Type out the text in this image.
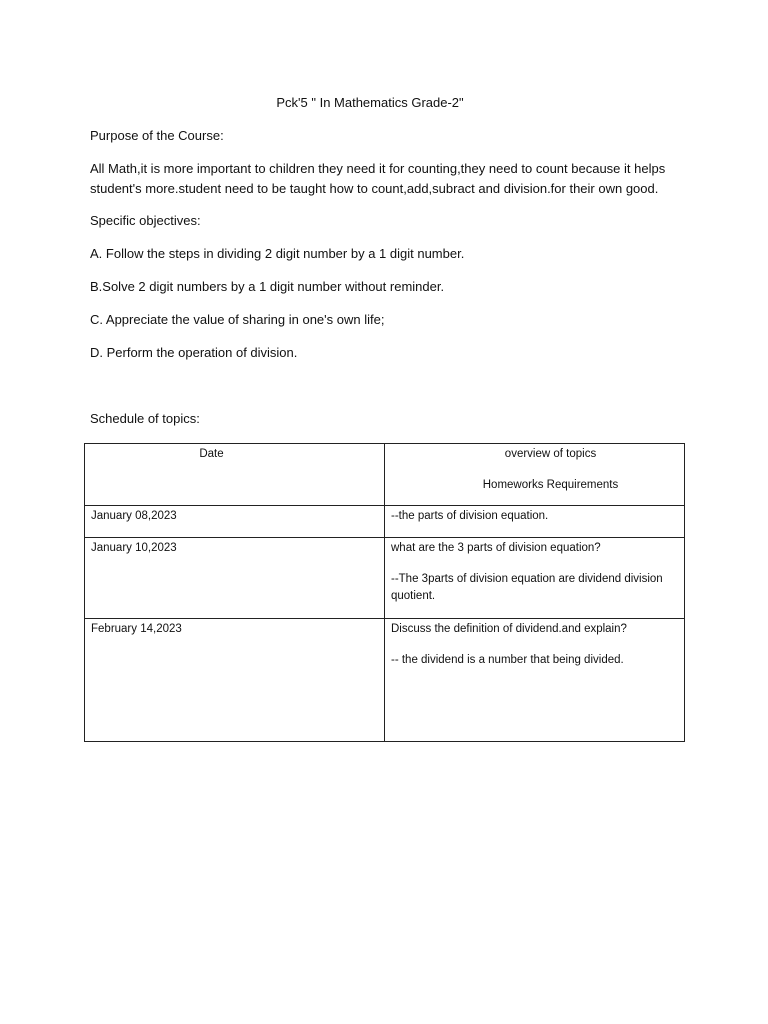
Pck'5 " In Mathematics Grade-2"

Purpose of the Course:

All Math,it is more important to children they need it for counting,they need to count because it helps student's more.student need to be taught how to count,add,subract and division.for their own good.

Specific objectives:

A. Follow the steps in dividing 2 digit number by a 1 digit number.

B.Solve 2 digit numbers by a 1 digit number without reminder.

C. Appreciate the value of sharing in one's own life;

D. Perform the operation of division.

Schedule of topics:

Date	overview of topics
Homeworks Requirements

January 08,2023	--the parts of division equation.

January 10,2023	what are the 3 parts of division equation?
--The 3parts of division equation are dividend division quotient.

February 14,2023	Discuss the definition of dividend.and explain?
-- the dividend is a number that being divided.
